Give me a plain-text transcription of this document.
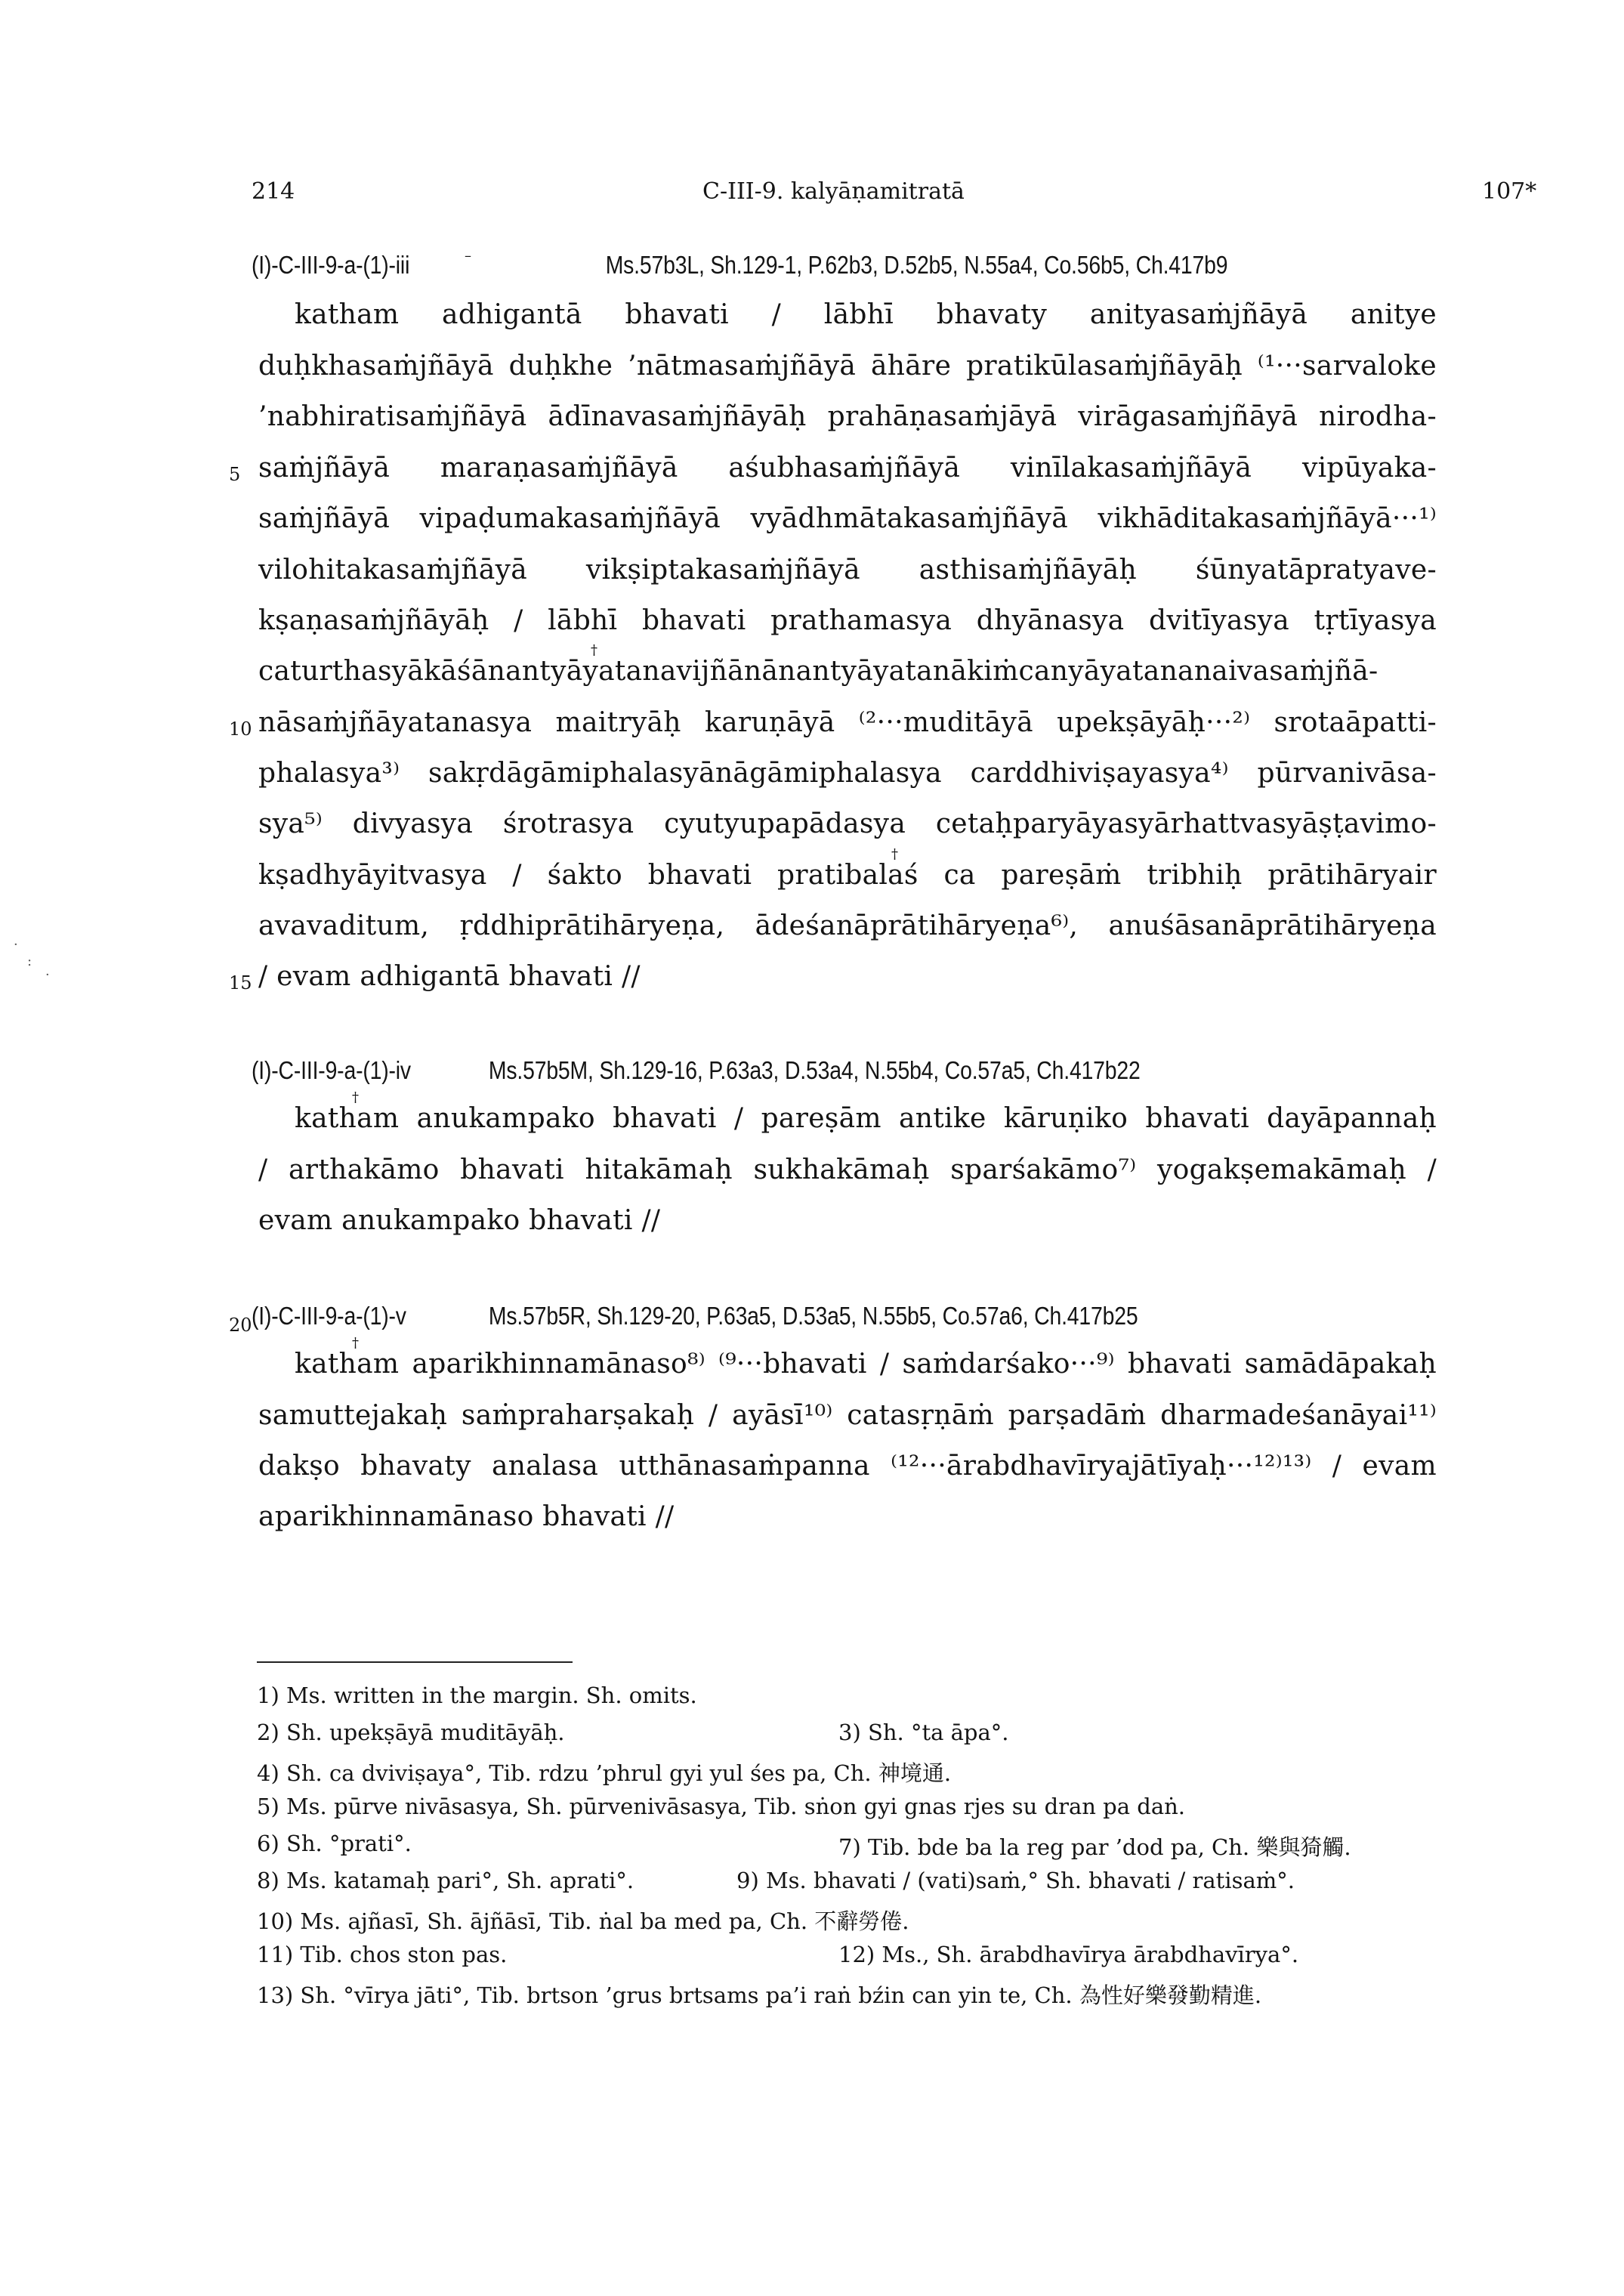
214	C-III-9. kalyāṇamitratā	107*
(I)-C-III-9-a-(1)-iii	Ms.57b3L, Sh.129-1, P.62b3, D.52b5, N.55a4, Co.56b5, Ch.417b9
katham adhigantā bhavati / lābhī bhavaty anityasaṁjñāyā anitye
duḥkhasaṁjñāyā duḥkhe ’nātmasaṁjñāyā āhāre pratikūlasaṁjñāyāḥ ⁽¹···sarvaloke
’nabhiratisaṁjñāyā ādīnavasaṁjñāyāḥ prahāṇasaṁjāyā virāgasaṁjñāyā nirodha-
saṁjñāyā maraṇasaṁjñāyā aśubhasaṁjñāyā vinīlakasaṁjñāyā vipūyaka-
saṁjñāyā vipaḍumakasaṁjñāyā vyādhmātakasaṁjñāyā vikhāditakasaṁjñāyā···¹⁾
vilohitakasaṁjñāyā vikṣiptakasaṁjñāyā asthisaṁjñāyāḥ śūnyatāpratyave-
kṣaṇasaṁjñāyāḥ / lābhī bhavati prathamasya dhyānasya dvitīyasya tṛtīyasya
caturthasyākāśānantyāyatanavijñānānantyāyatanākiṁcanyāyatananaivasaṁjñā-
nāsaṁjñāyatanasya maitryāḥ karuṇāyā ⁽²···muditāyā upekṣāyāḥ···²⁾ srotaāpatti-
phalasya³⁾ sakṛdāgāmiphalasyānāgāmiphalasya carddhiviṣayasya⁴⁾ pūrvanivāsa-
sya⁵⁾ divyasya śrotrasya cyutyupapādasya cetaḥparyāyasyārhattvasyāṣṭavimo-
kṣadhyāyitvasya / śakto bhavati pratibalaś ca pareṣāṁ tribhiḥ prātihāryair
avavaditum, ṛddhiprātihāryeṇa, ādeśanāprātihāryeṇa⁶⁾, anuśāsanāprātihāryeṇa
/ evam adhigantā bhavati //
(I)-C-III-9-a-(1)-iv	Ms.57b5M, Sh.129-16, P.63a3, D.53a4, N.55b4, Co.57a5, Ch.417b22
katham anukampako bhavati / pareṣām antike kāruṇiko bhavati dayāpannaḥ
/ arthakāmo bhavati hitakāmaḥ sukhakāmaḥ sparśakāmo⁷⁾ yogakṣemakāmaḥ /
evam anukampako bhavati //
(I)-C-III-9-a-(1)-v	Ms.57b5R, Sh.129-20, P.63a5, D.53a5, N.55b5, Co.57a6, Ch.417b25
katham aparikhinnamānaso⁸⁾ ⁽⁹···bhavati / saṁdarśako···⁹⁾ bhavati samādāpakaḥ
samuttejakaḥ saṁpraharṣakaḥ / ayāsī¹⁰⁾ catasṛṇāṁ parṣadāṁ dharmadeśanāyai¹¹⁾
dakṣo bhavaty analasa utthānasaṁpanna ⁽¹²···ārabdhavīryajātīyaḥ···¹²⁾¹³⁾ / evam
aparikhinnamānaso bhavati //
5
10
15
20
–
†
†
†
†
·
:
·
1) Ms. written in the margin. Sh. omits.
2) Sh. upekṣāyā muditāyāḥ.	3) Sh. °ta āpa°.
4) Sh. ca dviviṣaya°, Tib. rdzu ’phrul gyi yul śes pa, Ch. 神境通.
5) Ms. pūrve nivāsasya, Sh. pūrvenivāsasya, Tib. sṅon gyi gnas rjes su dran pa daṅ.
6) Sh. °prati°.	7) Tib. bde ba la reg par ’dod pa, Ch. 樂與猗觸.
8) Ms. katamaḥ pari°, Sh. aprati°.	9) Ms. bhavati / (vati)saṁ,° Sh. bhavati / ratisaṁ°.
10) Ms. ajñasī, Sh. ājñāsī, Tib. ṅal ba med pa, Ch. 不辭勞倦.
11) Tib. chos ston pas.	12) Ms., Sh. ārabdhavīrya ārabdhavīrya°.
13) Sh. °vīrya jāti°, Tib. brtson ’grus brtsams pa’i raṅ bźin can yin te, Ch. 為性好樂發勤精進.
